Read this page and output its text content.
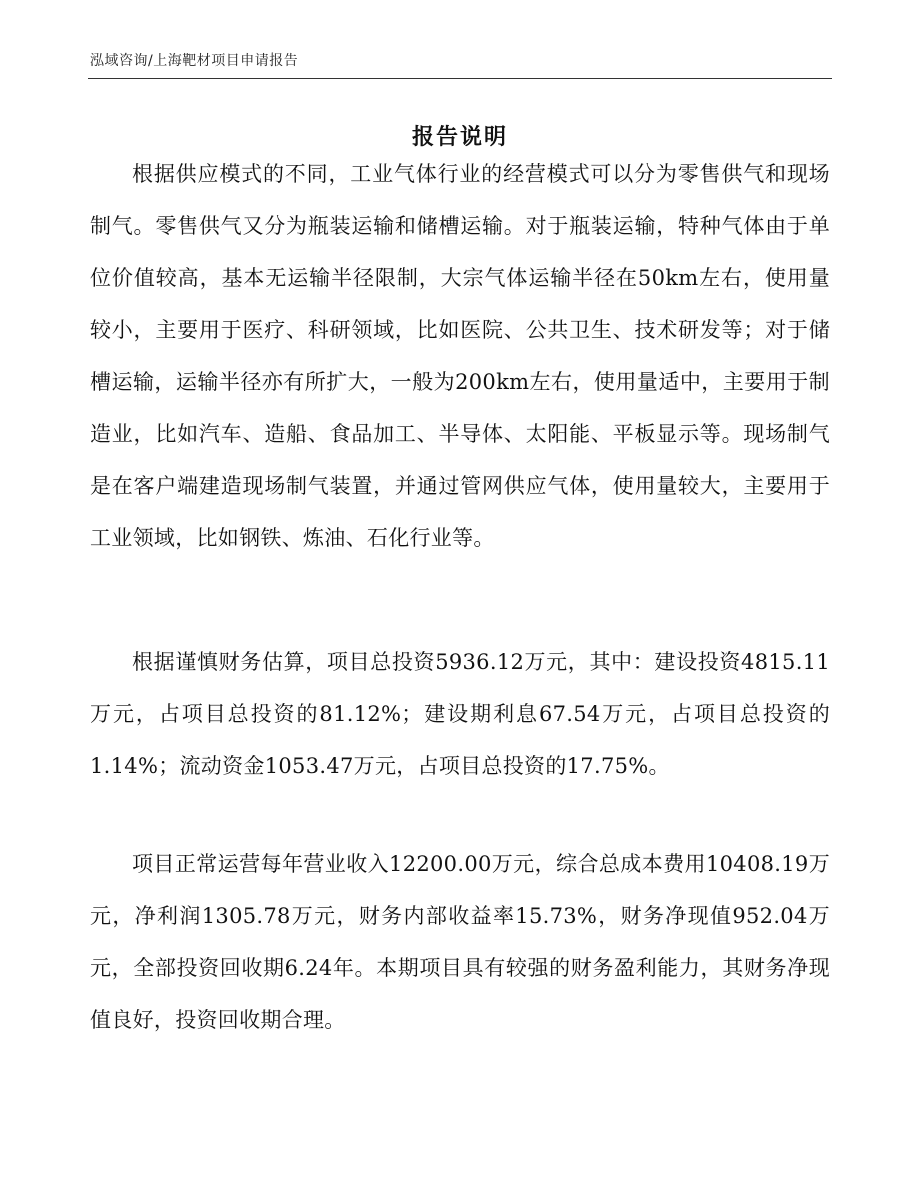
泓域咨询/上海靶材项目申请报告
报告说明

根据供应模式的不同，工业气体行业的经营模式可以分为零售供气和现场制气。零售供气又分为瓶装运输和储槽运输。对于瓶装运输，特种气体由于单位价值较高，基本无运输半径限制，大宗气体运输半径在50km左右，使用量较小，主要用于医疗、科研领域，比如医院、公共卫生、技术研发等；对于储槽运输，运输半径亦有所扩大，一般为200km左右，使用量适中，主要用于制造业，比如汽车、造船、食品加工、半导体、太阳能、平板显示等。现场制气是在客户端建造现场制气装置，并通过管网供应气体，使用量较大，主要用于工业领域，比如钢铁、炼油、石化行业等。

根据谨慎财务估算，项目总投资5936.12万元，其中：建设投资4815.11万元，占项目总投资的81.12%；建设期利息67.54万元，占项目总投资的1.14%；流动资金1053.47万元，占项目总投资的17.75%。

项目正常运营每年营业收入12200.00万元，综合总成本费用10408.19万元，净利润1305.78万元，财务内部收益率15.73%，财务净现值952.04万元，全部投资回收期6.24年。本期项目具有较强的财务盈利能力，其财务净现值良好，投资回收期合理。
